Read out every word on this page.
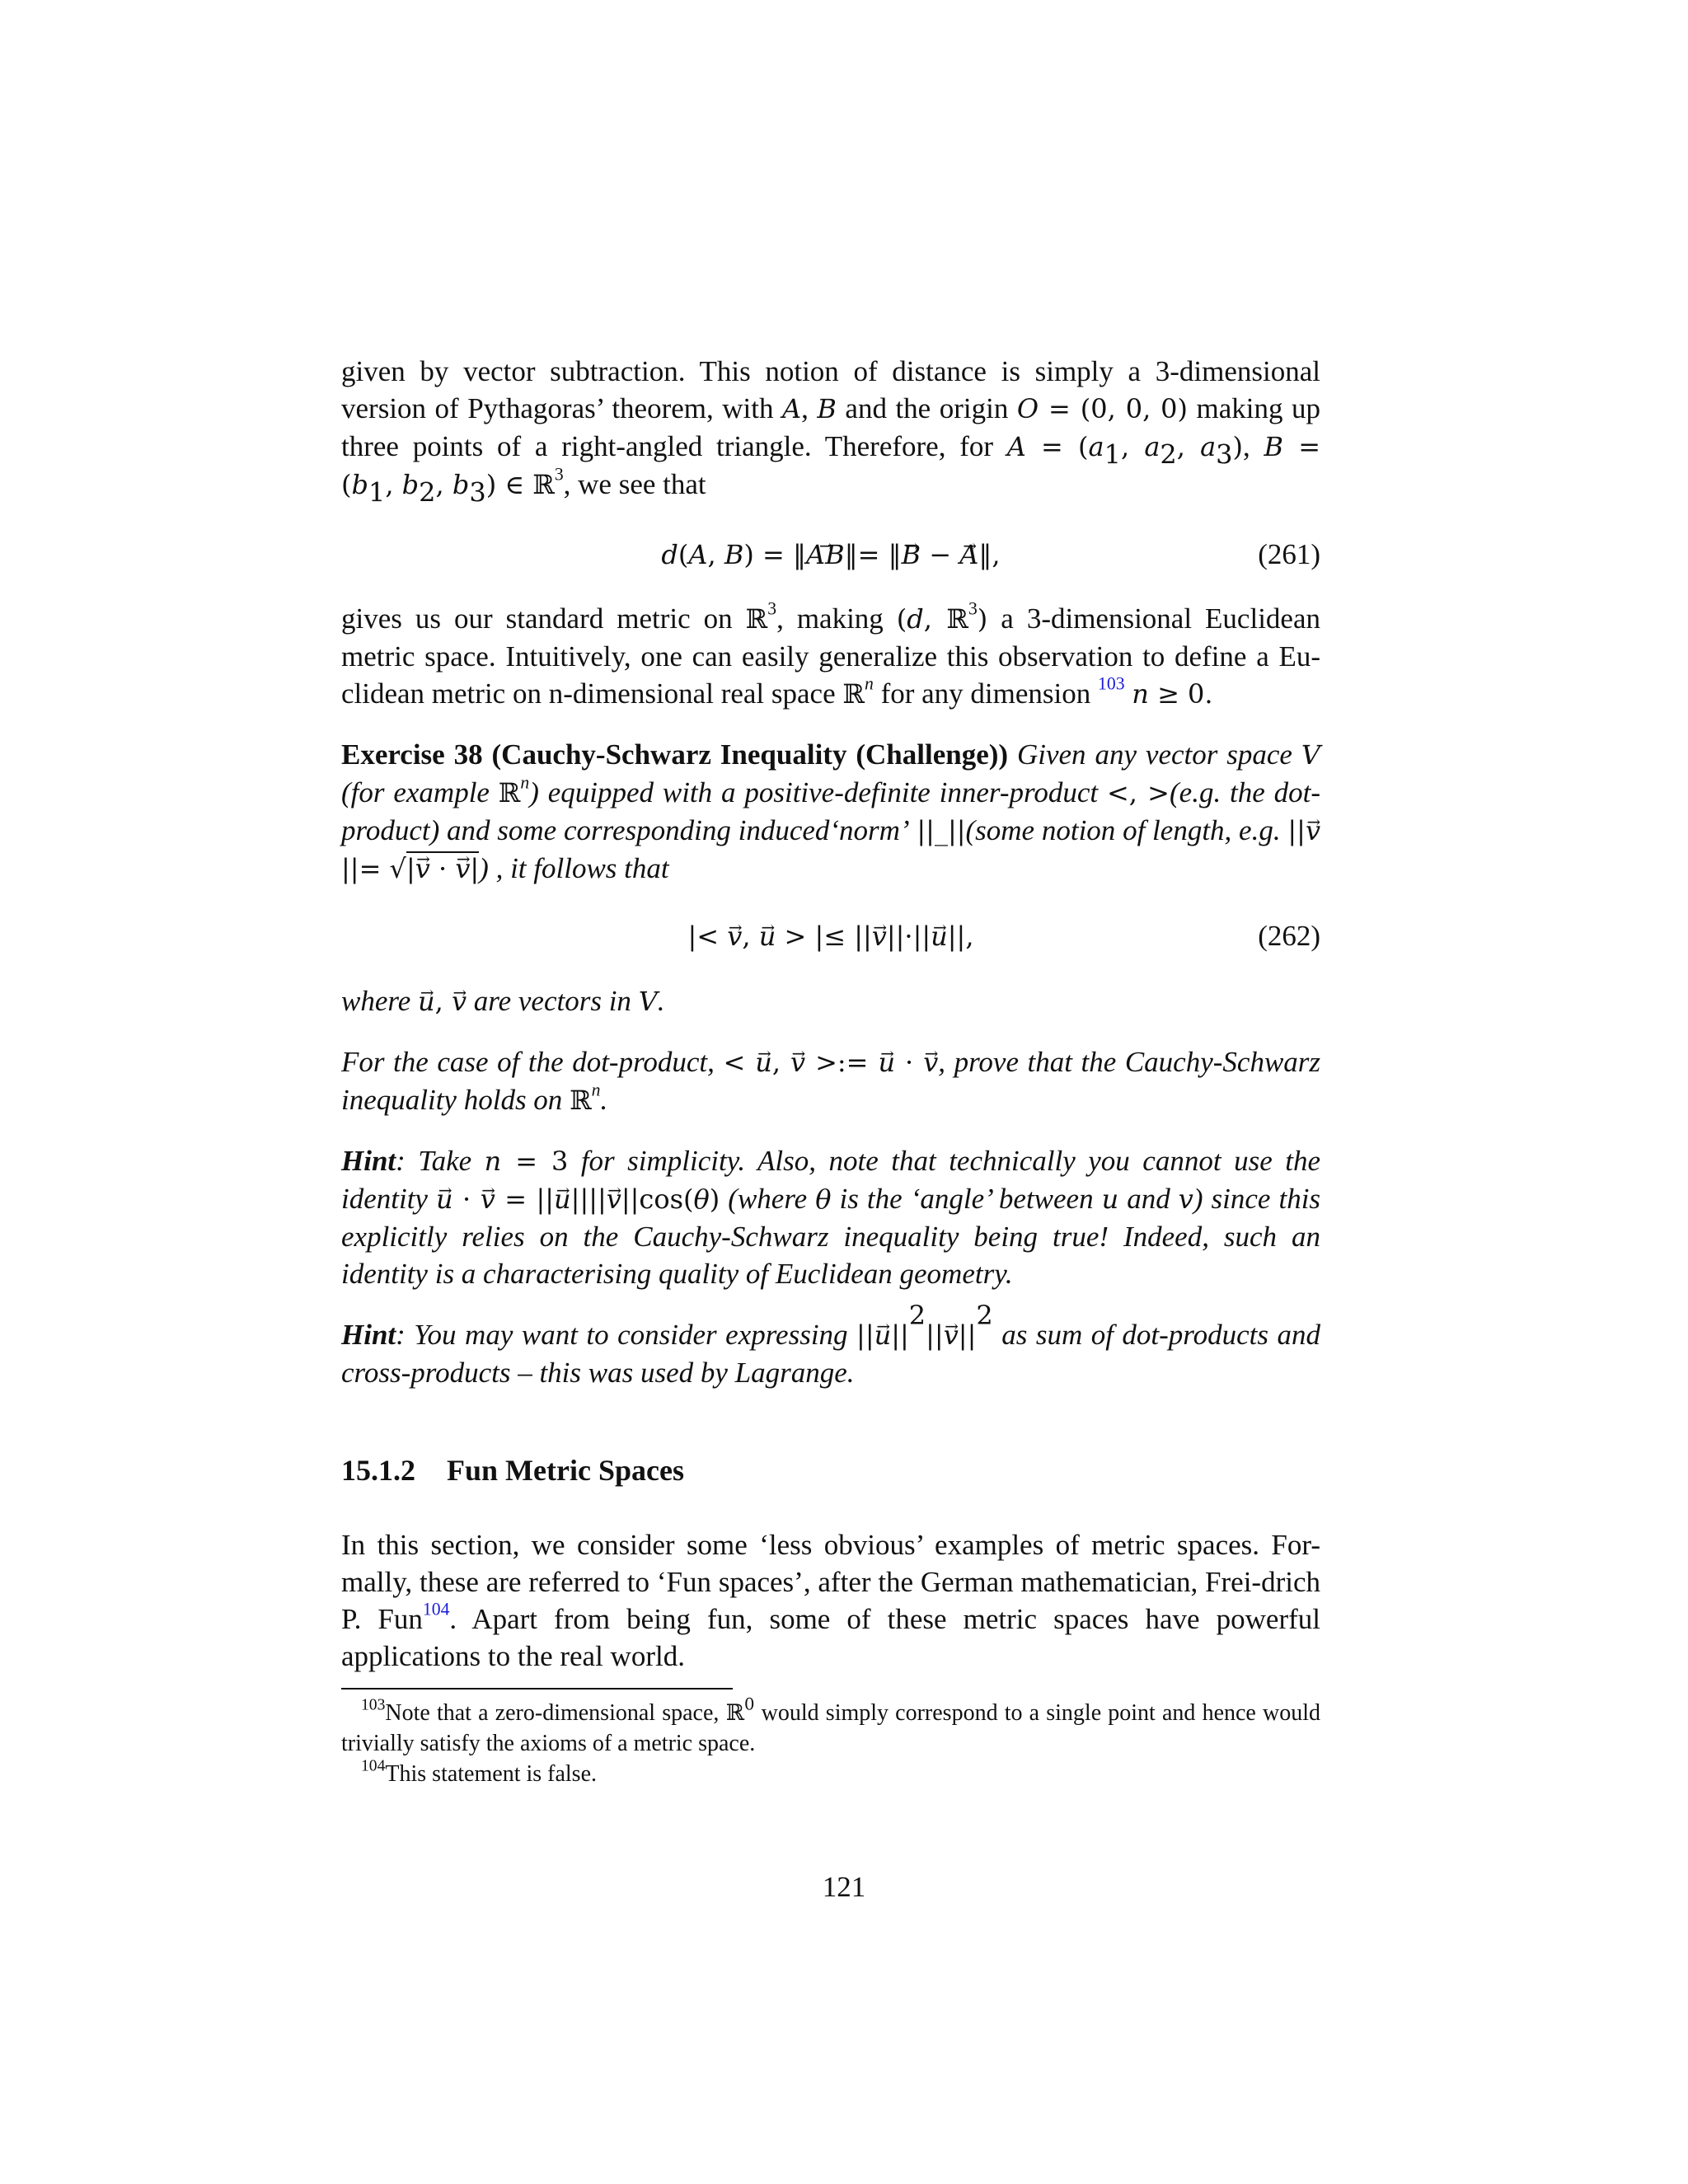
given by vector subtraction. This notion of distance is simply a 3-dimensional version of Pythagoras’ theorem, with A, B and the origin O = (0, 0, 0) making up three points of a right-angled triangle. Therefore, for $A = (a_1$, $a_2$, $a_3$), $B = (b_1$, $b_2$, $b_3$) ∈ ℝ$^3$, we see that

d(A, B) = ‖→ AB‖= ‖→ B − → A‖,	(261)

gives us our standard metric on ℝ$^3$, making (d, ℝ$^3$) a 3-dimensional Euclidean metric space. Intuitively, one can easily generalize this observation to define a Eu-clidean metric on n-dimensional real space ℝ$^n$ for any dimension $^{103}$ n ≥ 0.

Exercise 38 (Cauchy-Schwarz Inequality (Challenge)) Given any vector space V (for example ℝ$^n$) equipped with a positive-definite inner-product <, >(e.g. the dot-product) and some corresponding induced‘norm’ ||_||(some notion of length, e.g. ||→ v||= √|→ v · → v|) , it follows that

|< → v, → u > |≤ ||→ v||·||→ u||,	(262)

where → u, → v are vectors in V.

For the case of the dot-product, < → u, → v >:= → u · → v, prove that the Cauchy-Schwarz inequality holds on ℝ$^n$.

Hint: Take n = 3 for simplicity. Also, note that technically you cannot use the identity → u · → v = ||→ u||||→ v||cos(θ) (where θ is the ‘angle’ between u and v) since this explicitly relies on the Cauchy-Schwarz inequality being true! Indeed, such an identity is a characterising quality of Euclidean geometry.

Hint: You may want to consider expressing ||→ $u||^2||\to v||^2$ as sum of dot-products and cross-products – this was used by Lagrange.

15.1.2 Fun Metric Spaces

In this section, we consider some ‘less obvious’ examples of metric spaces. For-mally, these are referred to ‘Fun spaces’, after the German mathematician, Frei-drich P. Fun$^{104}$. Apart from being fun, some of these metric spaces have powerful applications to the real world.

$^{103}$Note that a zero-dimensional space, ℝ$^0$ would simply correspond to a single point and hence would trivially satisfy the axioms of a metric space.
$^{104}$This statement is false.
121
